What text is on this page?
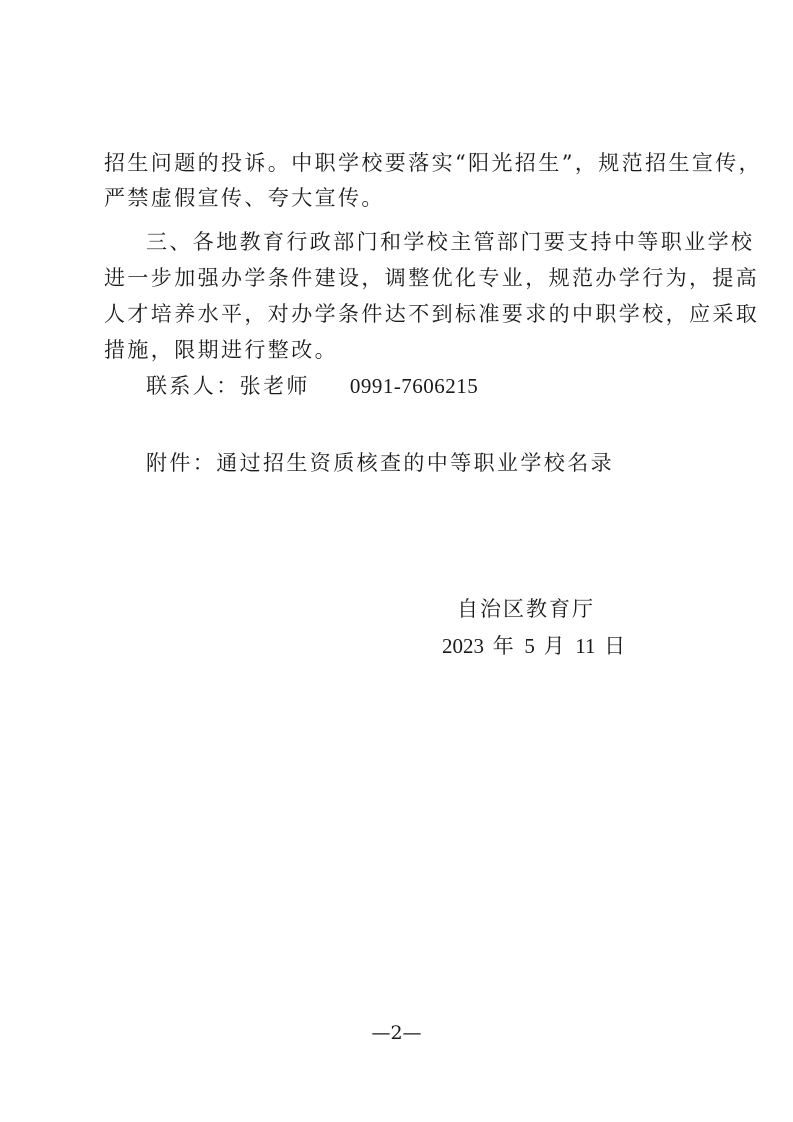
招生问题的投诉。中职学校要落实“阳光招生”，规范招生宣传，
严禁虚假宣传、夸大宣传。
三、各地教育行政部门和学校主管部门要支持中等职业学校
进一步加强办学条件建设，调整优化专业，规范办学行为，提高
人才培养水平，对办学条件达不到标准要求的中职学校，应采取
措施，限期进行整改。
联系人：张老师 0991-7606215
附件：通过招生资质核查的中等职业学校名录
自治区教育厅
2023 年 5 月 11 日
—2—
